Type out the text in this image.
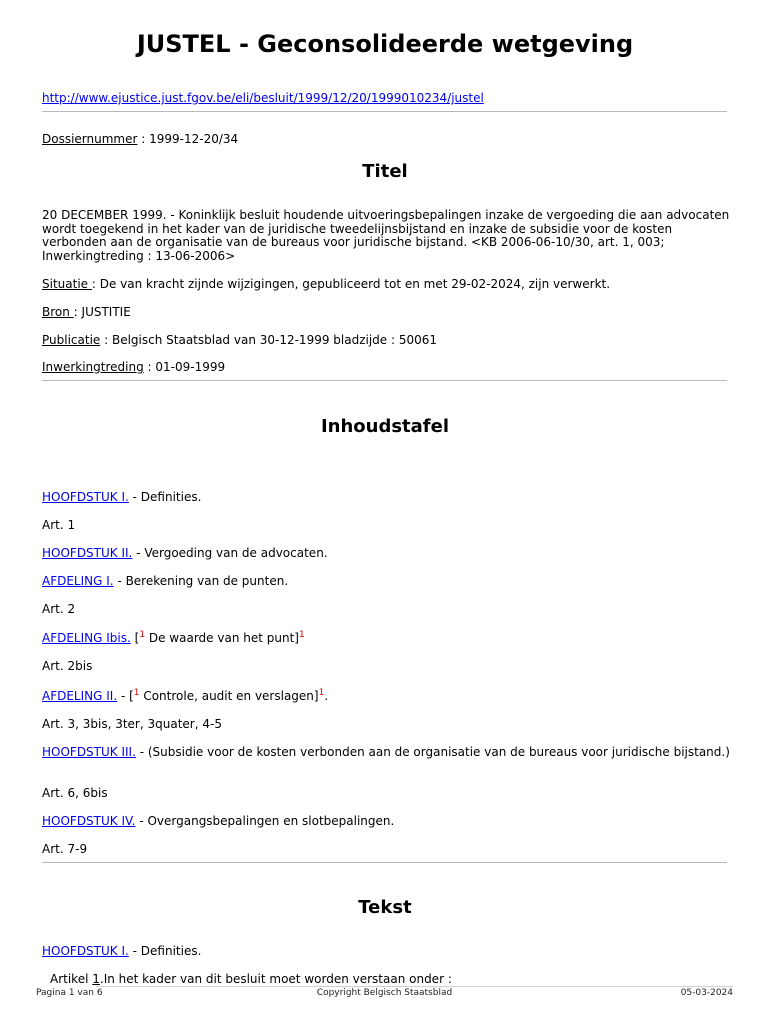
JUSTEL - Geconsolideerde wetgeving

http://www.ejustice.just.fgov.be/eli/besluit/1999/12/20/1999010234/justel

Dossiernummer : 1999-12-20/34

Titel

20 DECEMBER 1999. - Koninklijk besluit houdende uitvoeringsbepalingen inzake de vergoeding die aan advocaten wordt toegekend in het kader van de juridische tweedelijnsbijstand en inzake de subsidie voor de kosten verbonden aan de organisatie van de bureaus voor juridische bijstand. <KB 2006-06-10/30, art. 1, 003; Inwerkingtreding : 13-06-2006>

Situatie : De van kracht zijnde wijzigingen, gepubliceerd tot en met 29-02-2024, zijn verwerkt.

Bron : JUSTITIE

Publicatie : Belgisch Staatsblad van 30-12-1999 bladzijde : 50061

Inwerkingtreding : 01-09-1999

Inhoudstafel

HOOFDSTUK I. - Definities.

Art. 1

HOOFDSTUK II. - Vergoeding van de advocaten.

AFDELING I. - Berekening van de punten.

Art. 2

AFDELING Ibis. [$^1$ De waarde van het punt]$^1$

Art. 2bis

AFDELING II. - [$^1$ Controle, audit en verslagen]$^1$.

Art. 3, 3bis, 3ter, 3quater, 4-5

HOOFDSTUK III. - (Subsidie voor de kosten verbonden aan de organisatie van de bureaus voor juridische bijstand.)

Art. 6, 6bis

HOOFDSTUK IV. - Overgangsbepalingen en slotbepalingen.

Art. 7-9

Tekst

HOOFDSTUK I. - Definities.

Artikel 1.In het kader van dit besluit moet worden verstaan onder :

Pagina 1 van 6	Copyright Belgisch Staatsblad	05-03-2024
